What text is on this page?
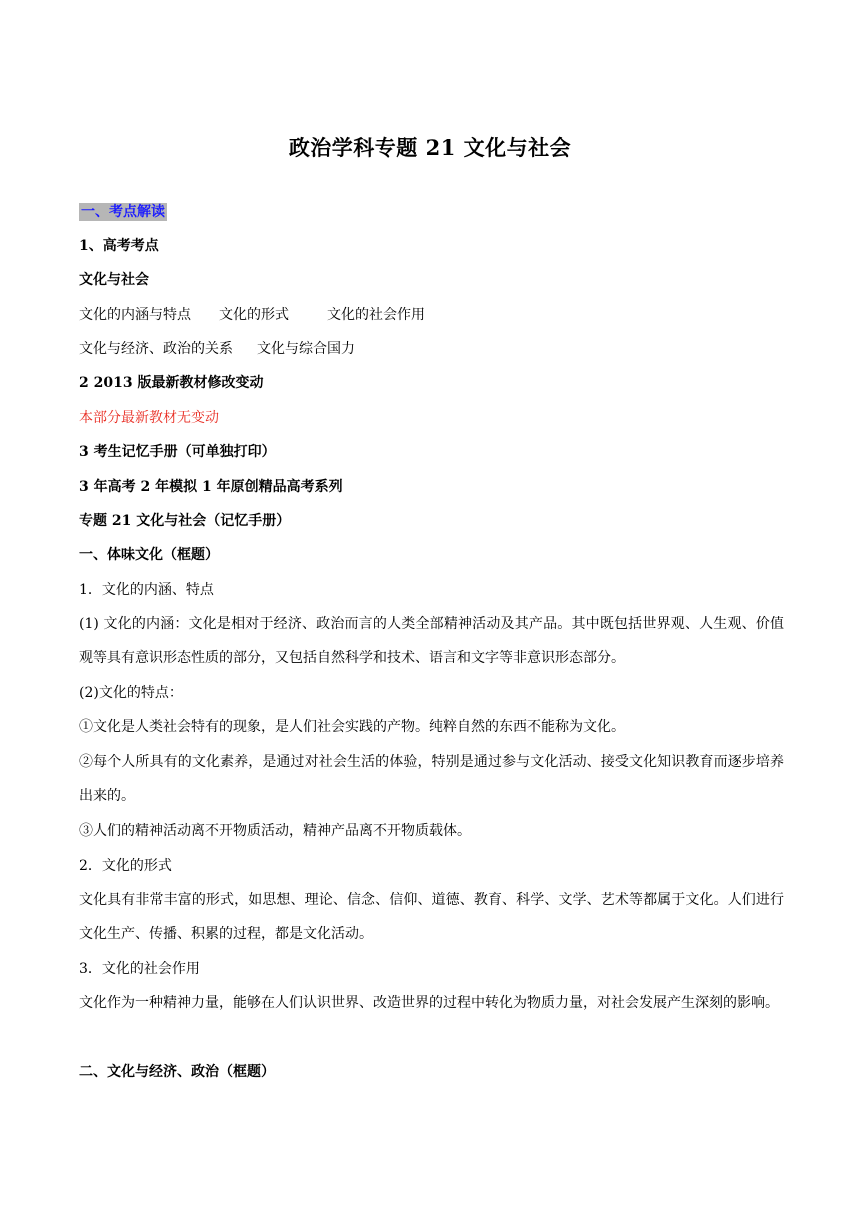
政治学科专题 21 文化与社会
一、考点解读
1、高考考点
文化与社会
文化的内涵与特点 文化的形式	文化的社会作用
文化与经济、政治的关系 文化与综合国力
2 2013 版最新教材修改变动
本部分最新教材无变动
3 考生记忆手册（可单独打印）
3 年高考 2 年模拟 1 年原创精品高考系列
专题 21 文化与社会（记忆手册）
一、体味文化（框题）
1．文化的内涵、特点
(1) 文化的内涵：文化是相对于经济、政治而言的人类全部精神活动及其产品。其中既包括世界观、人生观、价值观等具有意识形态性质的部分，又包括自然科学和技术、语言和文字等非意识形态部分。
(2)文化的特点：
①文化是人类社会特有的现象，是人们社会实践的产物。纯粹自然的东西不能称为文化。
②每个人所具有的文化素养，是通过对社会生活的体验，特别是通过参与文化活动、接受文化知识教育而逐步培养出来的。
③人们的精神活动离不开物质活动，精神产品离不开物质载体。
2．文化的形式
文化具有非常丰富的形式，如思想、理论、信念、信仰、道德、教育、科学、文学、艺术等都属于文化。人们进行文化生产、传播、积累的过程，都是文化活动。
3．文化的社会作用
文化作为一种精神力量，能够在人们认识世界、改造世界的过程中转化为物质力量，对社会发展产生深刻的影响。
二、文化与经济、政治（框题）
